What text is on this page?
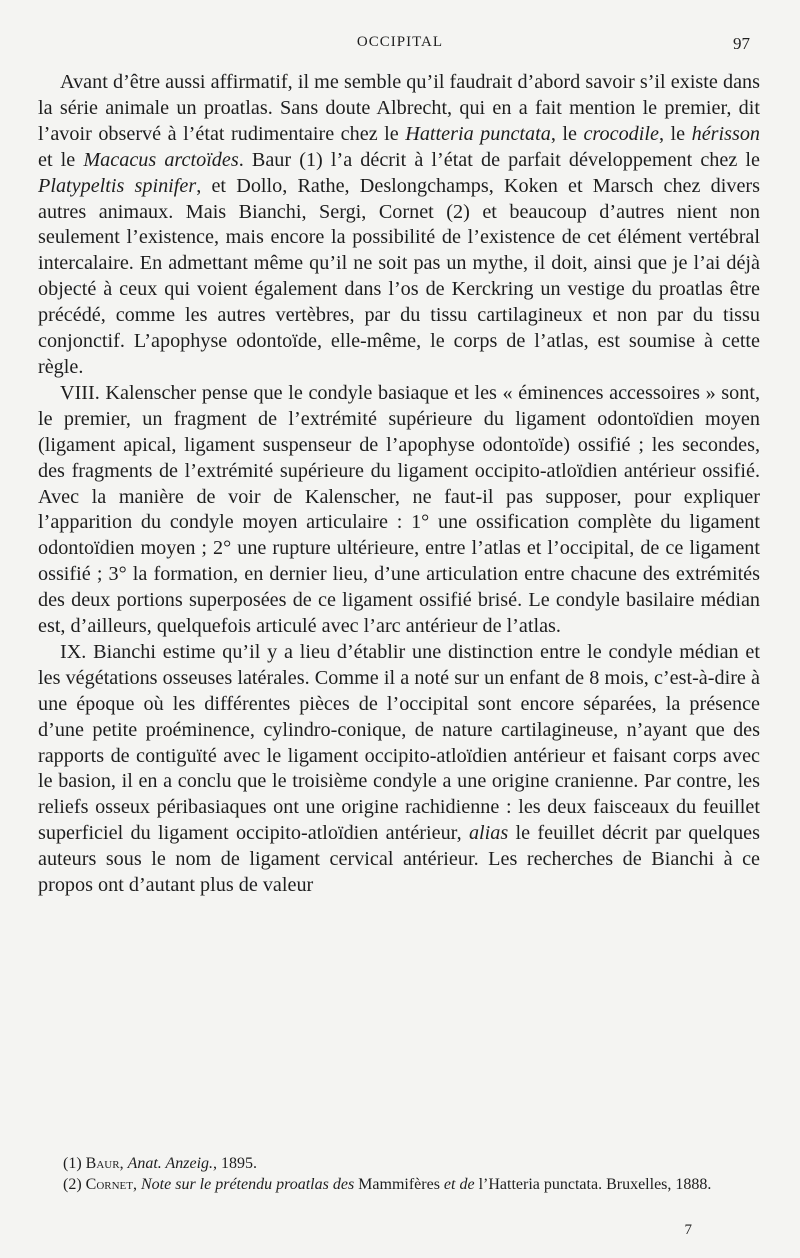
OCCIPITAL	97

Avant d’être aussi affirmatif, il me semble qu’il faudrait d’abord savoir s’il existe dans la série animale un proatlas. Sans doute Albrecht, qui en a fait mention le premier, dit l’avoir observé à l’état rudimentaire chez le Hatteria punctata, le crocodile, le hérisson et le Macacus arctoïdes. Baur (1) l’a décrit à l’état de parfait développement chez le Platypeltis spinifer, et Dollo, Rathe, Deslongchamps, Koken et Marsch chez divers autres animaux. Mais Bianchi, Sergi, Cornet (2) et beaucoup d’autres nient non seulement l’existence, mais encore la possibilité de l’existence de cet élément vertébral intercalaire. En admettant même qu’il ne soit pas un mythe, il doit, ainsi que je l’ai déjà objecté à ceux qui voient également dans l’os de Kerckring un vestige du proatlas être précédé, comme les autres vertèbres, par du tissu cartilagineux et non par du tissu conjonctif. L’apophyse odontoïde, elle-même, le corps de l’atlas, est soumise à cette règle.

VIII. Kalenscher pense que le condyle basiaque et les « éminences accessoires » sont, le premier, un fragment de l’extrémité supérieure du ligament odontoïdien moyen (ligament apical, ligament suspenseur de l’apophyse odontoïde) ossifié ; les secondes, des fragments de l’extrémité supérieure du ligament occipito-atloïdien antérieur ossifié. Avec la manière de voir de Kalenscher, ne faut-il pas supposer, pour expliquer l’apparition du condyle moyen articulaire : 1° une ossification complète du ligament odontoïdien moyen ; 2° une rupture ultérieure, entre l’atlas et l’occipital, de ce ligament ossifié ; 3° la formation, en dernier lieu, d’une articulation entre chacune des extrémités des deux portions superposées de ce ligament ossifié brisé. Le condyle basilaire médian est, d’ailleurs, quelquefois articulé avec l’arc antérieur de l’atlas.

IX. Bianchi estime qu’il y a lieu d’établir une distinction entre le condyle médian et les végétations osseuses latérales. Comme il a noté sur un enfant de 8 mois, c’est-à-dire à une époque où les différentes pièces de l’occipital sont encore séparées, la présence d’une petite proéminence, cylindro-conique, de nature cartilagineuse, n’ayant que des rapports de contiguïté avec le ligament occipito-atloïdien antérieur et faisant corps avec le basion, il en a conclu que le troisième condyle a une origine cranienne. Par contre, les reliefs osseux péribasiaques ont une origine rachidienne : les deux faisceaux du feuillet superficiel du ligament occipito-atloïdien antérieur, alias le feuillet décrit par quelques auteurs sous le nom de ligament cervical antérieur. Les recherches de Bianchi à ce propos ont d’autant plus de valeur

(1) Baur, Anat. Anzeig., 1895.

(2) Cornet, Note sur le prétendu proatlas des Mammifères et de l’Hatteria punctata. Bruxelles, 1888.

7
